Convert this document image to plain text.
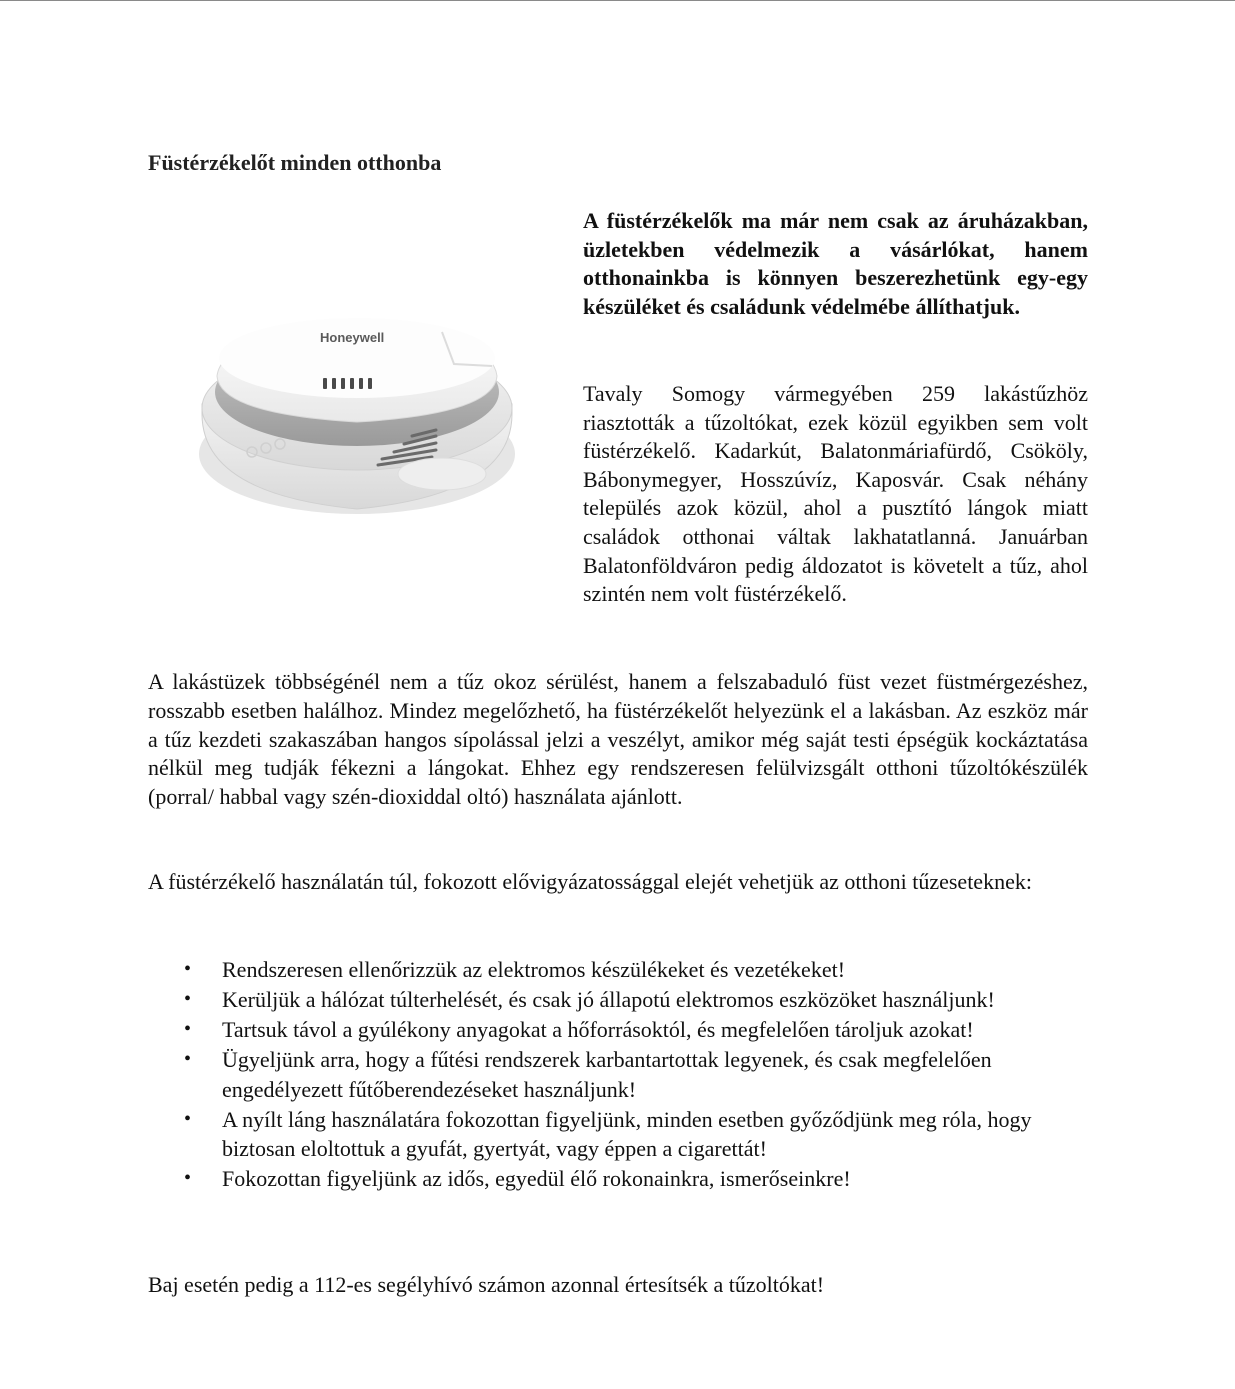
Füstérzékelőt minden otthonba
Honeywell

A füstérzékelők ma már nem csak az áruházakban, üzletekben védelmezik a vásárlókat, hanem otthonainkba is könnyen beszerezhetünk egy-egy készüléket és családunk védelmébe állíthatjuk.

Tavaly Somogy vármegyében 259 lakástűzhöz riasztották a tűzoltókat, ezek közül egyikben sem volt füstérzékelő. Kadarkút, Balatonmáriafürdő, Csököly, Bábonymegyer, Hosszúvíz, Kaposvár. Csak néhány település azok közül, ahol a pusztító lángok miatt családok otthonai váltak lakhatatlanná. Januárban Balatonföldváron pedig áldozatot is követelt a tűz, ahol szintén nem volt füstérzékelő.

A lakástüzek többségénél nem a tűz okoz sérülést, hanem a felszabaduló füst vezet füstmérgezéshez, rosszabb esetben halálhoz. Mindez megelőzhető, ha füstérzékelőt helyezünk el a lakásban. Az eszköz már a tűz kezdeti szakaszában hangos sípolással jelzi a veszélyt, amikor még saját testi épségük kockáztatása nélkül meg tudják fékezni a lángokat. Ehhez egy rendszeresen felülvizsgált otthoni tűzoltókészülék (porral/ habbal vagy szén-dioxiddal oltó) használata ajánlott.

A füstérzékelő használatán túl, fokozott elővigyázatossággal elejét vehetjük az otthoni tűzeseteknek:

• Rendszeresen ellenőrizzük az elektromos készülékeket és vezetékeket!
• Kerüljük a hálózat túlterhelését, és csak jó állapotú elektromos eszközöket használjunk!
• Tartsuk távol a gyúlékony anyagokat a hőforrásoktól, és megfelelően tároljuk azokat!
• Ügyeljünk arra, hogy a fűtési rendszerek karbantartottak legyenek, és csak megfelelően engedélyezett fűtőberendezéseket használjunk!
• A nyílt láng használatára fokozottan figyeljünk, minden esetben győződjünk meg róla, hogy biztosan eloltottuk a gyufát, gyertyát, vagy éppen a cigarettát!
• Fokozottan figyeljünk az idős, egyedül élő rokonainkra, ismerőseinkre!

Baj esetén pedig a 112-es segélyhívó számon azonnal értesítsék a tűzoltókat!
